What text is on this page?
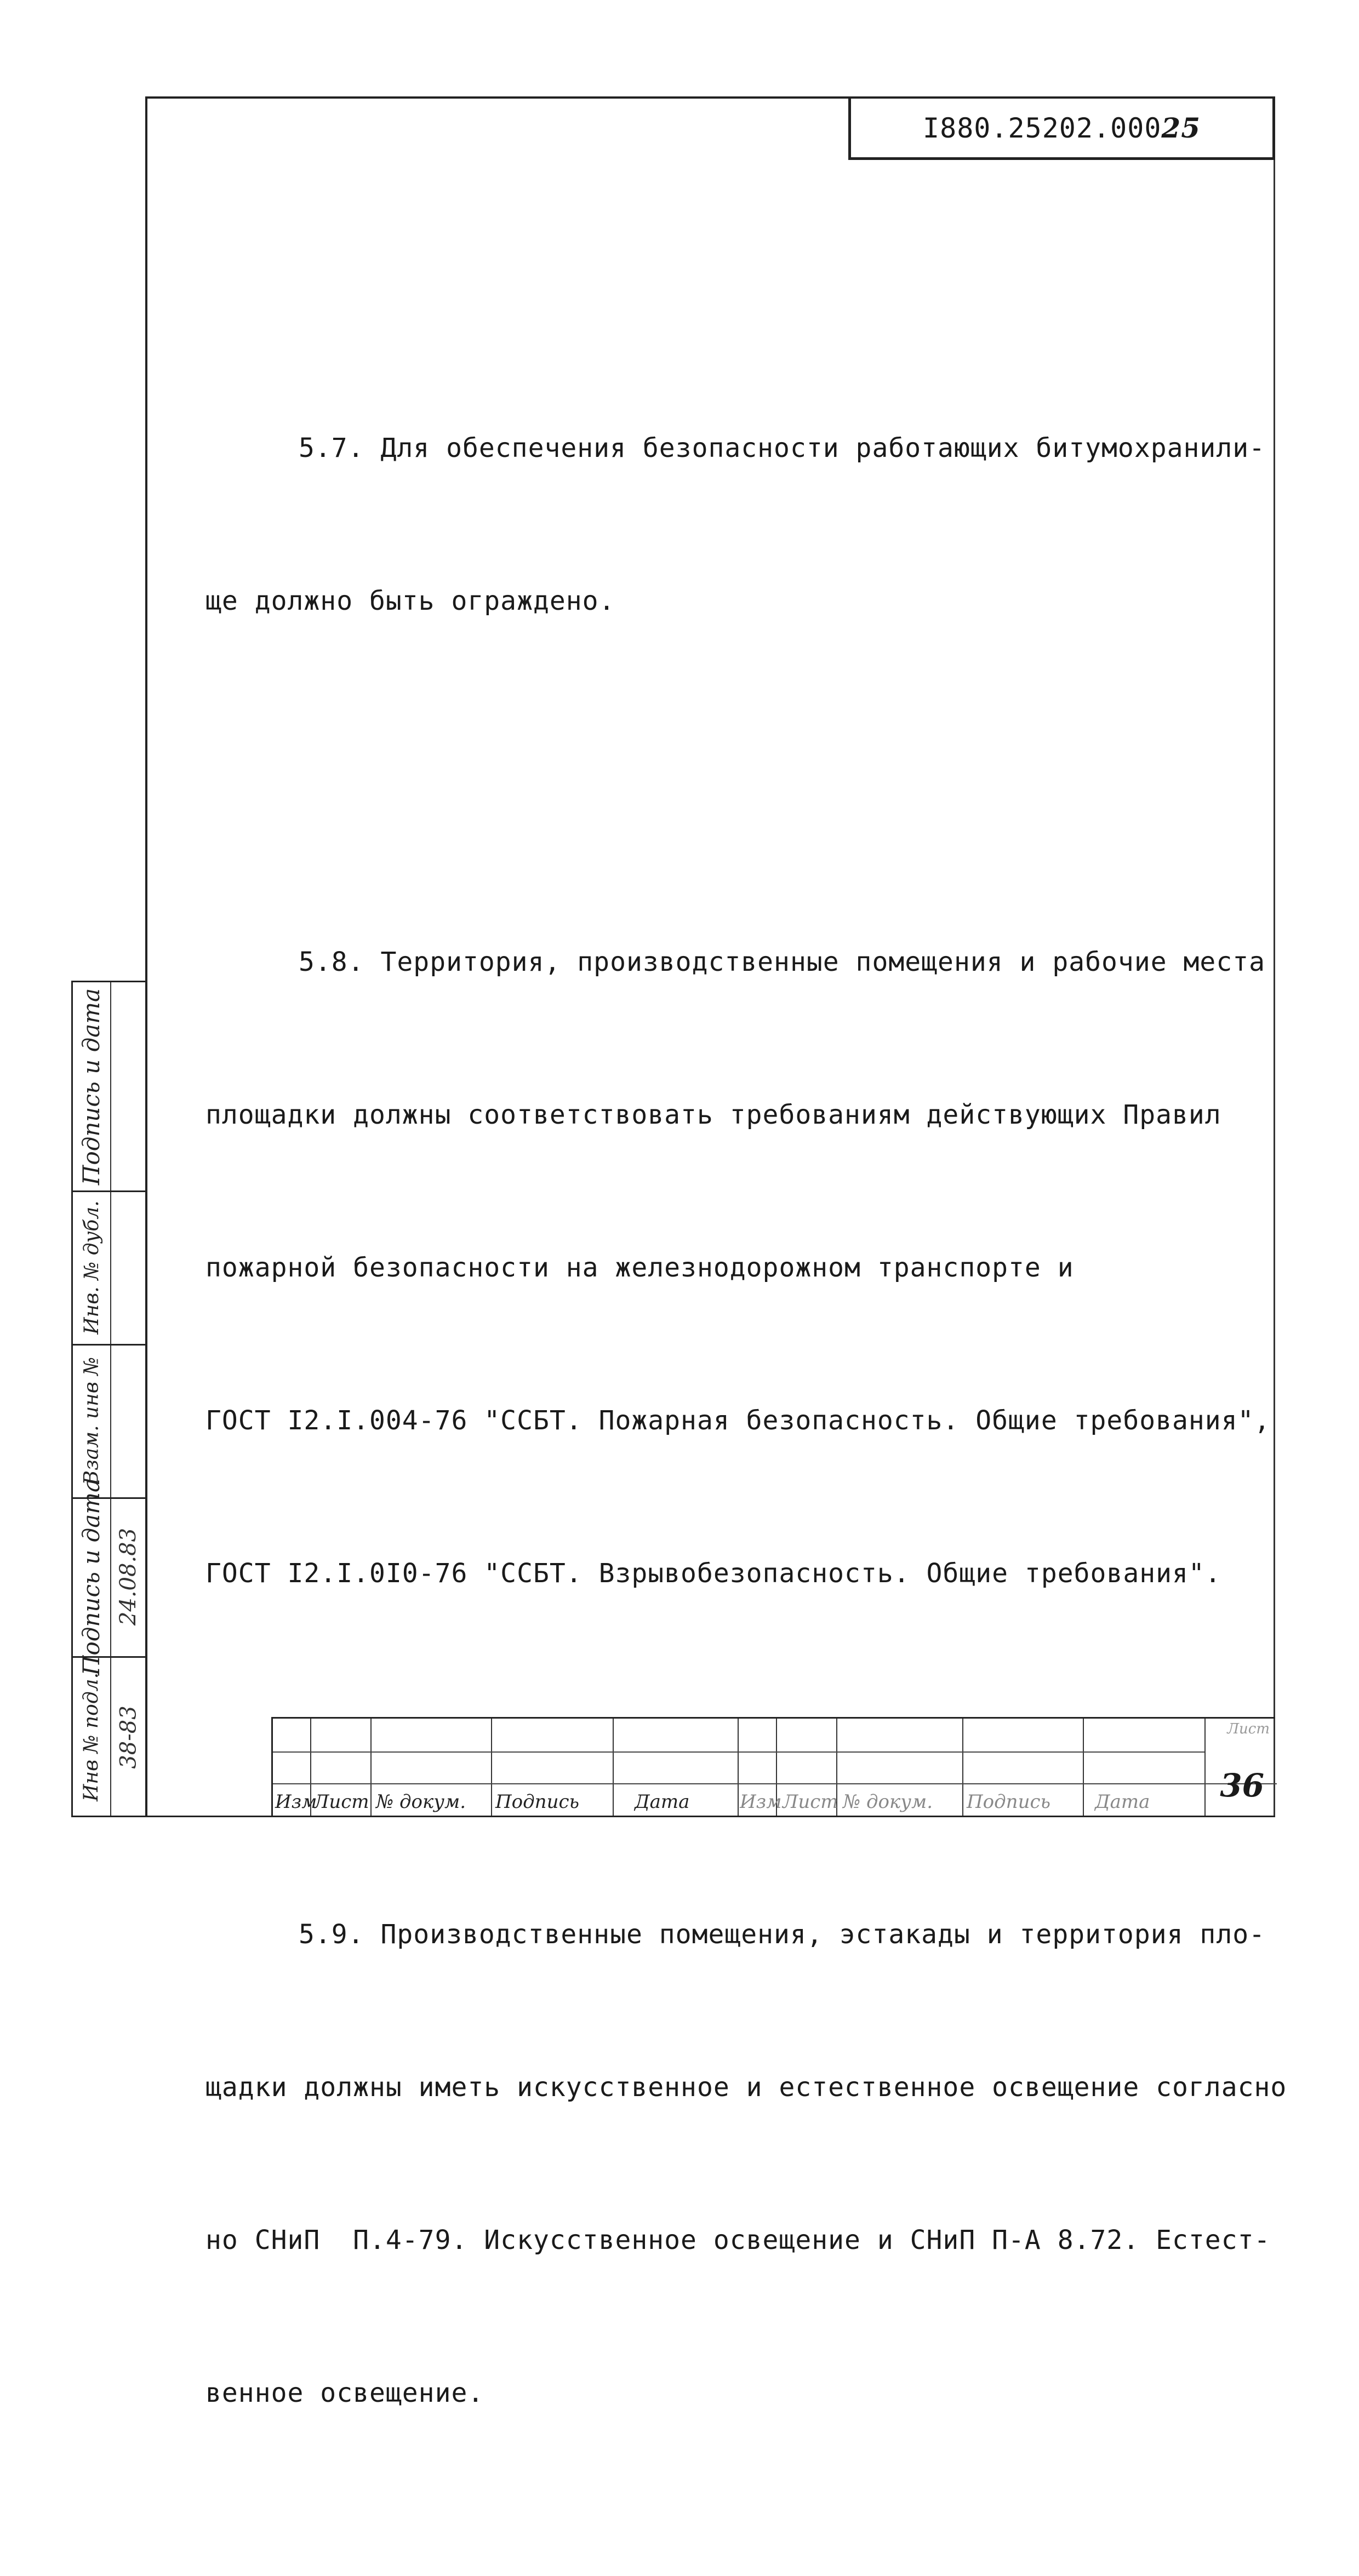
I880.25202.000 25

5.7. Для обеспечения безопасности работающих битумохранили-

ще должно быть ограждено.

5.8. Территория, производственные помещения и рабочие места

площадки должны соответствовать требованиям действующих Правил

пожарной безопасности на железнодорожном транспорте и

ГОСТ I2.I.004-76 "ССБТ. Пожарная безопасность. Общие требования",

ГОСТ I2.I.0I0-76 "ССБТ. Взрывобезопасность. Общие требования".

5.9. Производственные помещения, эстакады и территория пло-

щадки должны иметь искусственное и естественное освещение согласно

но СНиП  П.4-79. Искусственное освещение и СНиП П-А 8.72. Естест-

венное освещение.

Подпись и дата
Инв. № дубл.
Взам. инв №
Подпись и дата
Инв № подл.
24.08.83
38-83
Изм
Лист № докум. Подпись	Дата	Изм Лист № докум. Подпись Дата
Лист
36
